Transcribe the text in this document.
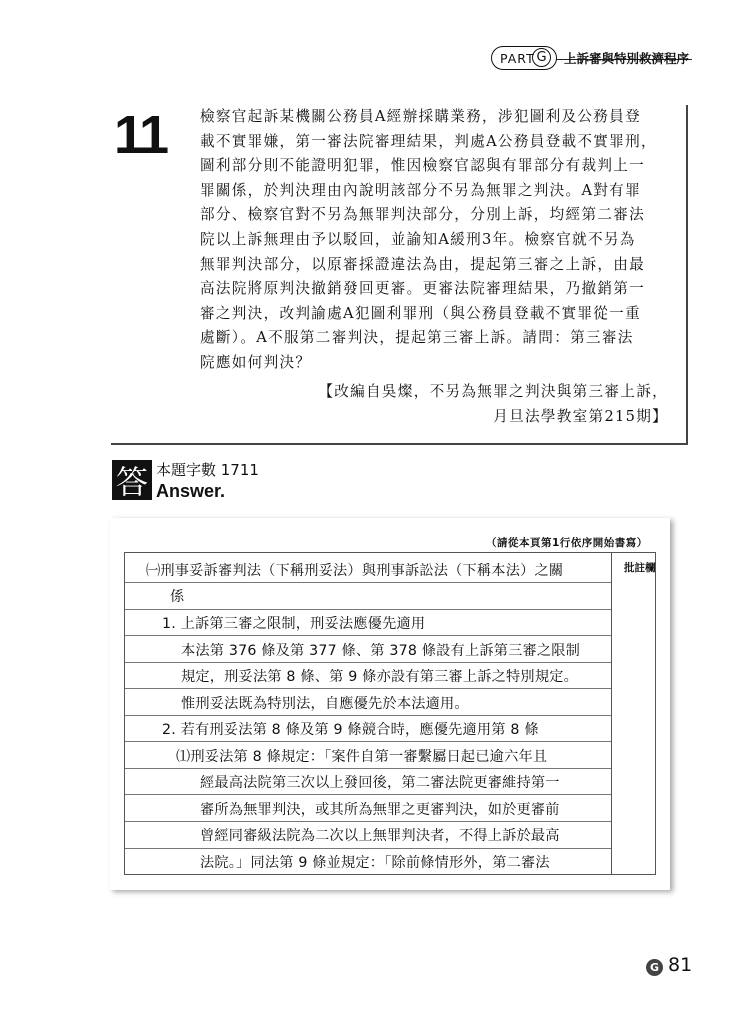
PART G	上訴審與特別救濟程序
11 檢察官起訴某機關公務員A經辦採購業務，涉犯圖利及公務員登

載不實罪嫌，第一審法院審理結果，判處A公務員登載不實罪刑，

圖利部分則不能證明犯罪，惟因檢察官認與有罪部分有裁判上一

罪關係，於判決理由內說明該部分不另為無罪之判決。A對有罪

部分、檢察官對不另為無罪判決部分，分別上訴，均經第二審法

院以上訴無理由予以駁回，並諭知A緩刑3年。檢察官就不另為

無罪判決部分，以原審採證違法為由，提起第三審之上訴，由最

高法院將原判決撤銷發回更審。更審法院審理結果，乃撤銷第一

審之判決，改判諭處A犯圖利罪刑（與公務員登載不實罪從一重

處斷）。A不服第二審判決，提起第三審上訴。請問：第三審法

院應如何判決？

【改編自吳燦，不另為無罪之判決與第三審上訴，
月旦法學教室第215期】
答 本題字數 1711
Answer.
（請從本頁第1行依序開始書寫）
批註欄
㈠刑事妥訴審判法（下稱刑妥法）與刑事訴訟法（下稱本法）之關
係
1. 上訴第三審之限制，刑妥法應優先適用
本法第 376 條及第 377 條、第 378 條設有上訴第三審之限制
規定，刑妥法第 8 條、第 9 條亦設有第三審上訴之特別規定。
惟刑妥法既為特別法，自應優先於本法適用。
2. 若有刑妥法第 8 條及第 9 條競合時，應優先適用第 8 條
⑴刑妥法第 8 條規定：「案件自第一審繫屬日起已逾六年且
經最高法院第三次以上發回後，第二審法院更審維持第一
審所為無罪判決，或其所為無罪之更審判決，如於更審前
曾經同審級法院為二次以上無罪判決者，不得上訴於最高
法院。」同法第 9 條並規定：「除前條情形外，第二審法
G 81
